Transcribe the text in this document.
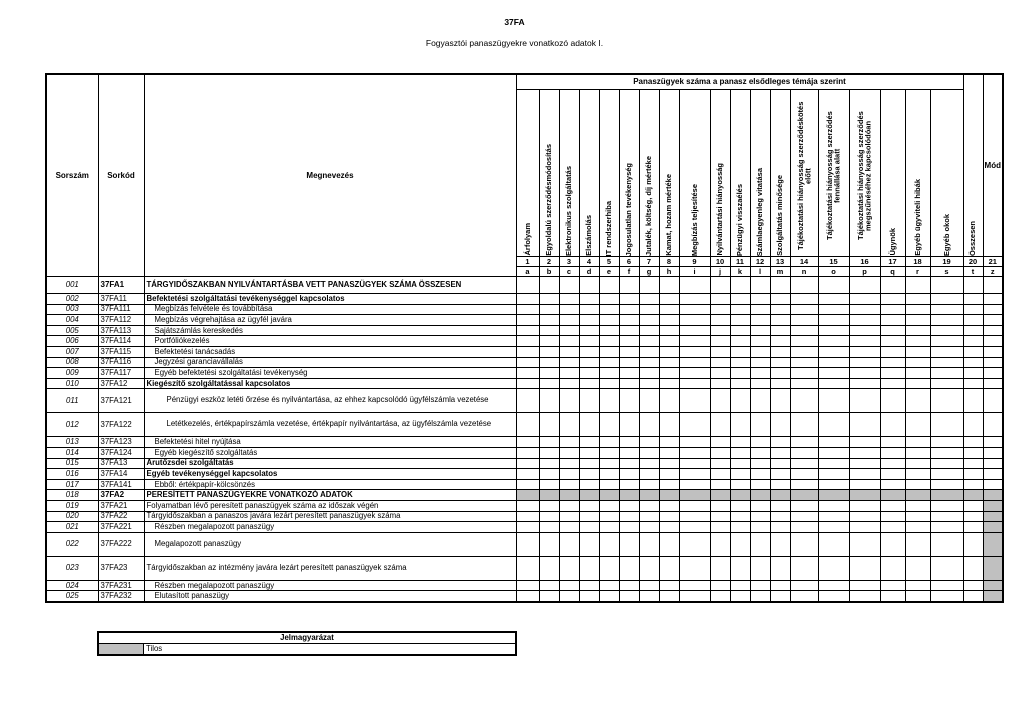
37FA
Fogyasztói panaszügyekre vonatkozó adatok I.
Sorszám	Sorkód	Megnevezés	Panaszügyek száma a panasz elsődleges témája szerint																			Összesen	Mód

			Árfolyam	Egyoldalú szerződésmódosítás	Elektronikus szolgáltatás	Elszámolás	IT rendszerhiba	Jogosulatlan tevékenység	Jutalék, költség, díj mértéke	Kamat, hozam mértéke	Megbízás teljesítése	Nyilvántartási hiányosság	Pénzügyi visszaélés	Számlaegyenleg vitatása	Szolgáltatás minősége	Tájékoztatási hiányosság szerződéskötés előtt	Tájékoztatási hiányosság szerződés fennállása alatt	Tájékoztatási hiányosság szerződés megszűnéséhez kapcsolódóan	Ügynök	Egyéb ügyviteli hibák	Egyéb okok		

			1	2	3	4	5	6	7	8	9	10	11	12	13	14	15	16	17	18	19	20	21
			a	b	c	d	e	f	g	h	i	j	k	l	m	n	o	p	q	r	s	t	z
001	37FA1	TÁRGYIDŐSZAKBAN NYILVÁNTARTÁSBA VETT PANASZÜGYEK SZÁMA ÖSSZESEN																					
002	37FA11	Befektetési szolgáltatási tevékenységgel kapcsolatos																					
003	37FA111	Megbízás felvétele és továbbítása																					
004	37FA112	Megbízás végrehajtása az ügyfél javára																					
005	37FA113	Sajátszámlás kereskedés																					
006	37FA114	Portfóliókezelés																					
007	37FA115	Befektetési tanácsadás																					
008	37FA116	Jegyzési garanciavállalás																					
009	37FA117	Egyéb befektetési szolgáltatási tevékenység																					
010	37FA12	Kiegészítő szolgáltatással kapcsolatos																					
011	37FA121	Pénzügyi eszköz letéti őrzése és nyilvántartása, az ehhez kapcsolódó ügyfélszámla vezetése																					
012	37FA122	Letétkezelés, értékpapírszámla vezetése, értékpapír nyilvántartása, az ügyfélszámla vezetése																					
013	37FA123	Befektetési hitel nyújtása																					
014	37FA124	Egyéb kiegészítő szolgáltatás																					
015	37FA13	Árutőzsdei szolgáltatás																					
016	37FA14	Egyéb tevékenységgel kapcsolatos																					
017	37FA141	Ebből: értékpapír-kölcsönzés																					
018	37FA2	PERESÍTETT PANASZÜGYEKRE VONATKOZÓ ADATOK																					
019	37FA21	Folyamatban lévő peresített panaszügyek száma az időszak végén																					
020	37FA22	Tárgyidőszakban a panaszos javára lezárt peresített panaszügyek száma																					
021	37FA221	Részben megalapozott panaszügy																					
022	37FA222	Megalapozott panaszügy																					
023	37FA23	Tárgyidőszakban az intézmény javára lezárt peresített panaszügyek száma																					
024	37FA231	Részben megalapozott panaszügy																					
025	37FA232	Elutasított panaszügy																					
Jelmagyarázat
	Tilos
